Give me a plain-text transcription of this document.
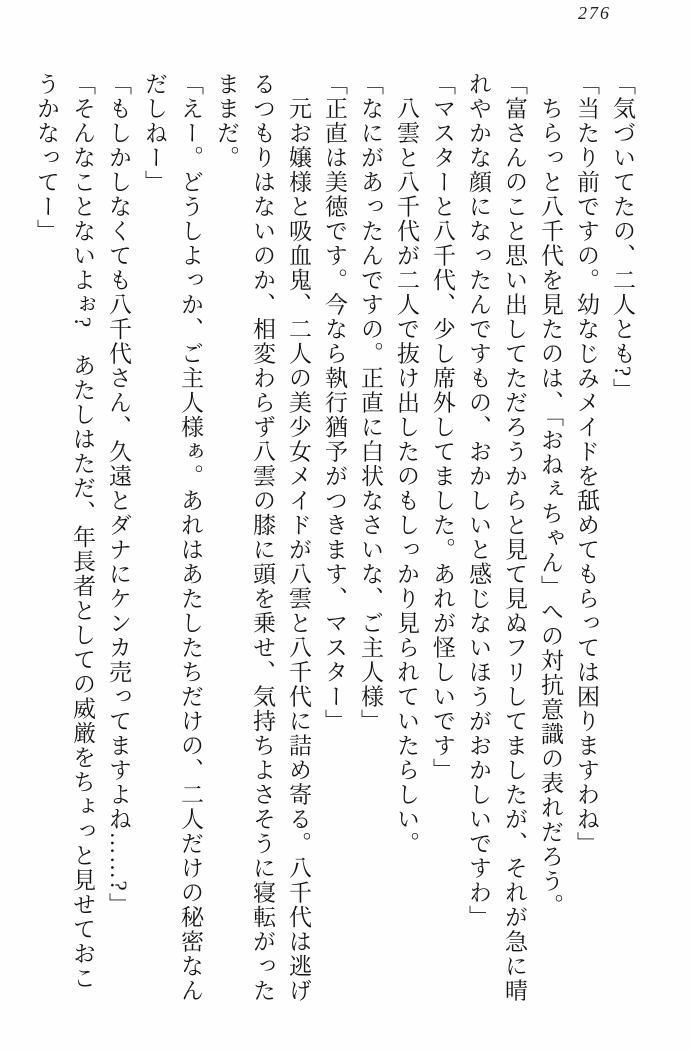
276

「気づいてたの、二人とも?」

「当たり前ですの。幼なじみメイドを舐めてもらっては困りますわね」

　ちらっと八千代を見たのは、「おねぇちゃん」への対抗意識の表れだろう。

「富さんのこと思い出してただろうからと見て見ぬフリしてましたが、それが急に晴

れやかな顔になったんですもの、おかしいと感じないほうがおかしいですわ」

「マスターと八千代、少し席外してました。あれが怪しいです」

　八雲と八千代が二人で抜け出したのもしっかり見られていたらしい。

「なにがあったんですの。正直に白状なさいな、ご主人様」

「正直は美徳です。今なら執行猶予がつきます、マスター」

　元お嬢様と吸血鬼、二人の美少女メイドが八雲と八千代に詰め寄る。八千代は逃げ

るつもりはないのか、相変わらず八雲の膝に頭を乗せ、気持ちよさそうに寝転がった

ままだ。

「えー。どうしよっか、ご主人様ぁ。あれはあたしたちだけの、二人だけの秘密なん

だしねー」

「もしかしなくても八千代さん、久遠とダナにケンカ売ってますよね……?」

「そんなことないよぉ?　あたしはただ、年長者としての威厳をちょっと見せておこ

うかなってー」
